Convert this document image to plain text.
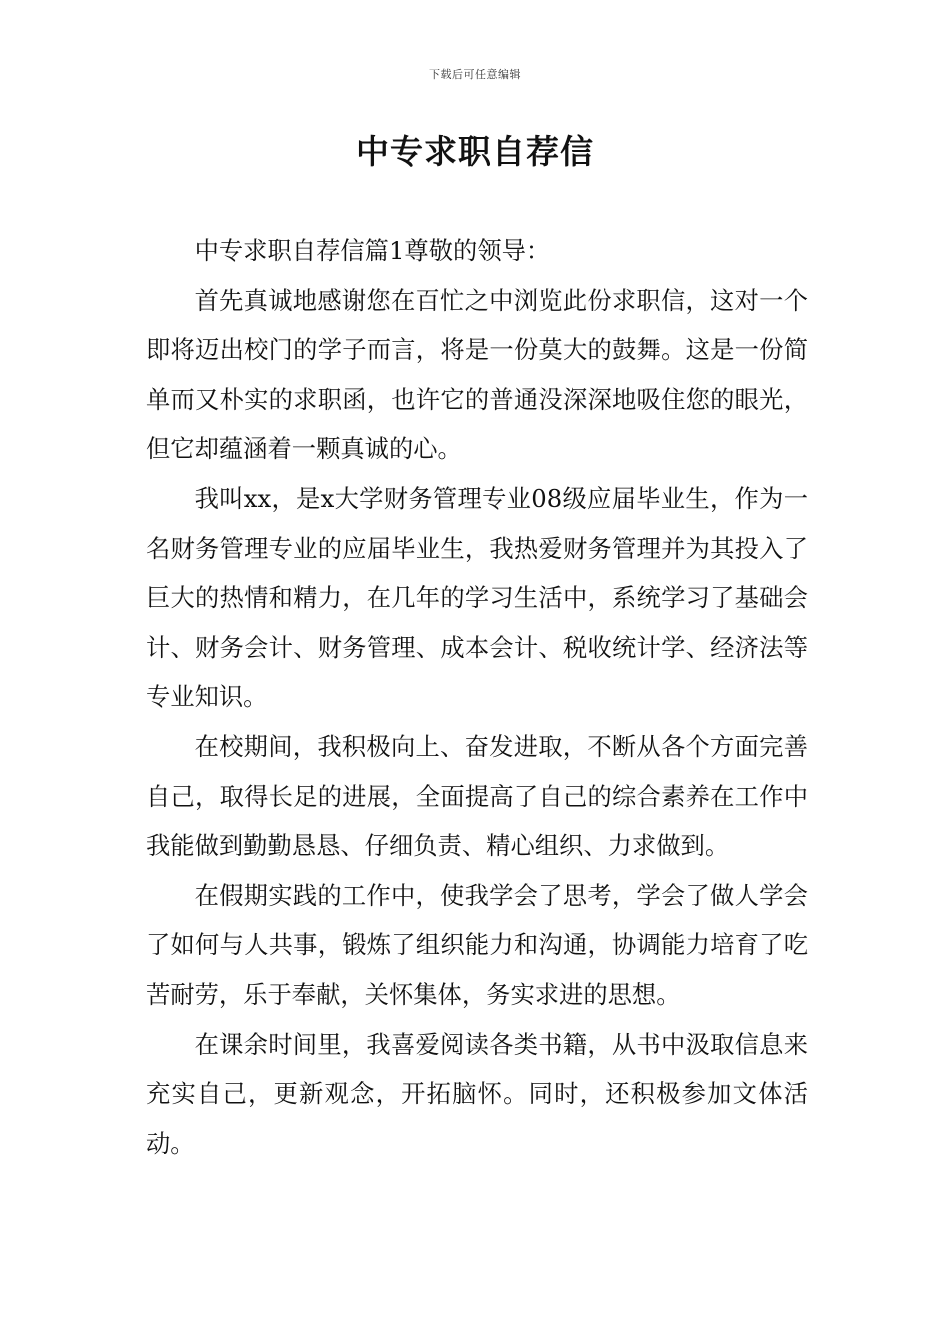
下载后可任意编辑
中专求职自荐信

中专求职自荐信篇1尊敬的领导：

首先真诚地感谢您在百忙之中浏览此份求职信，这对一个即将迈出校门的学子而言，将是一份莫大的鼓舞。这是一份简单而又朴实的求职函，也许它的普通没深深地吸住您的眼光，但它却蕴涵着一颗真诚的心。

我叫xx，是x大学财务管理专业08级应届毕业生，作为一名财务管理专业的应届毕业生，我热爱财务管理并为其投入了巨大的热情和精力，在几年的学习生活中，系统学习了基础会计、财务会计、财务管理、成本会计、税收统计学、经济法等专业知识。

在校期间，我积极向上、奋发进取，不断从各个方面完善自己，取得长足的进展，全面提高了自己的综合素养在工作中我能做到勤勤恳恳、仔细负责、精心组织、力求做到。

在假期实践的工作中，使我学会了思考，学会了做人学会了如何与人共事，锻炼了组织能力和沟通，协调能力培育了吃苦耐劳，乐于奉献，关怀集体，务实求进的思想。

在课余时间里，我喜爱阅读各类书籍，从书中汲取信息来充实自己，更新观念，开拓脑怀。同时，还积极参加文体活动。
